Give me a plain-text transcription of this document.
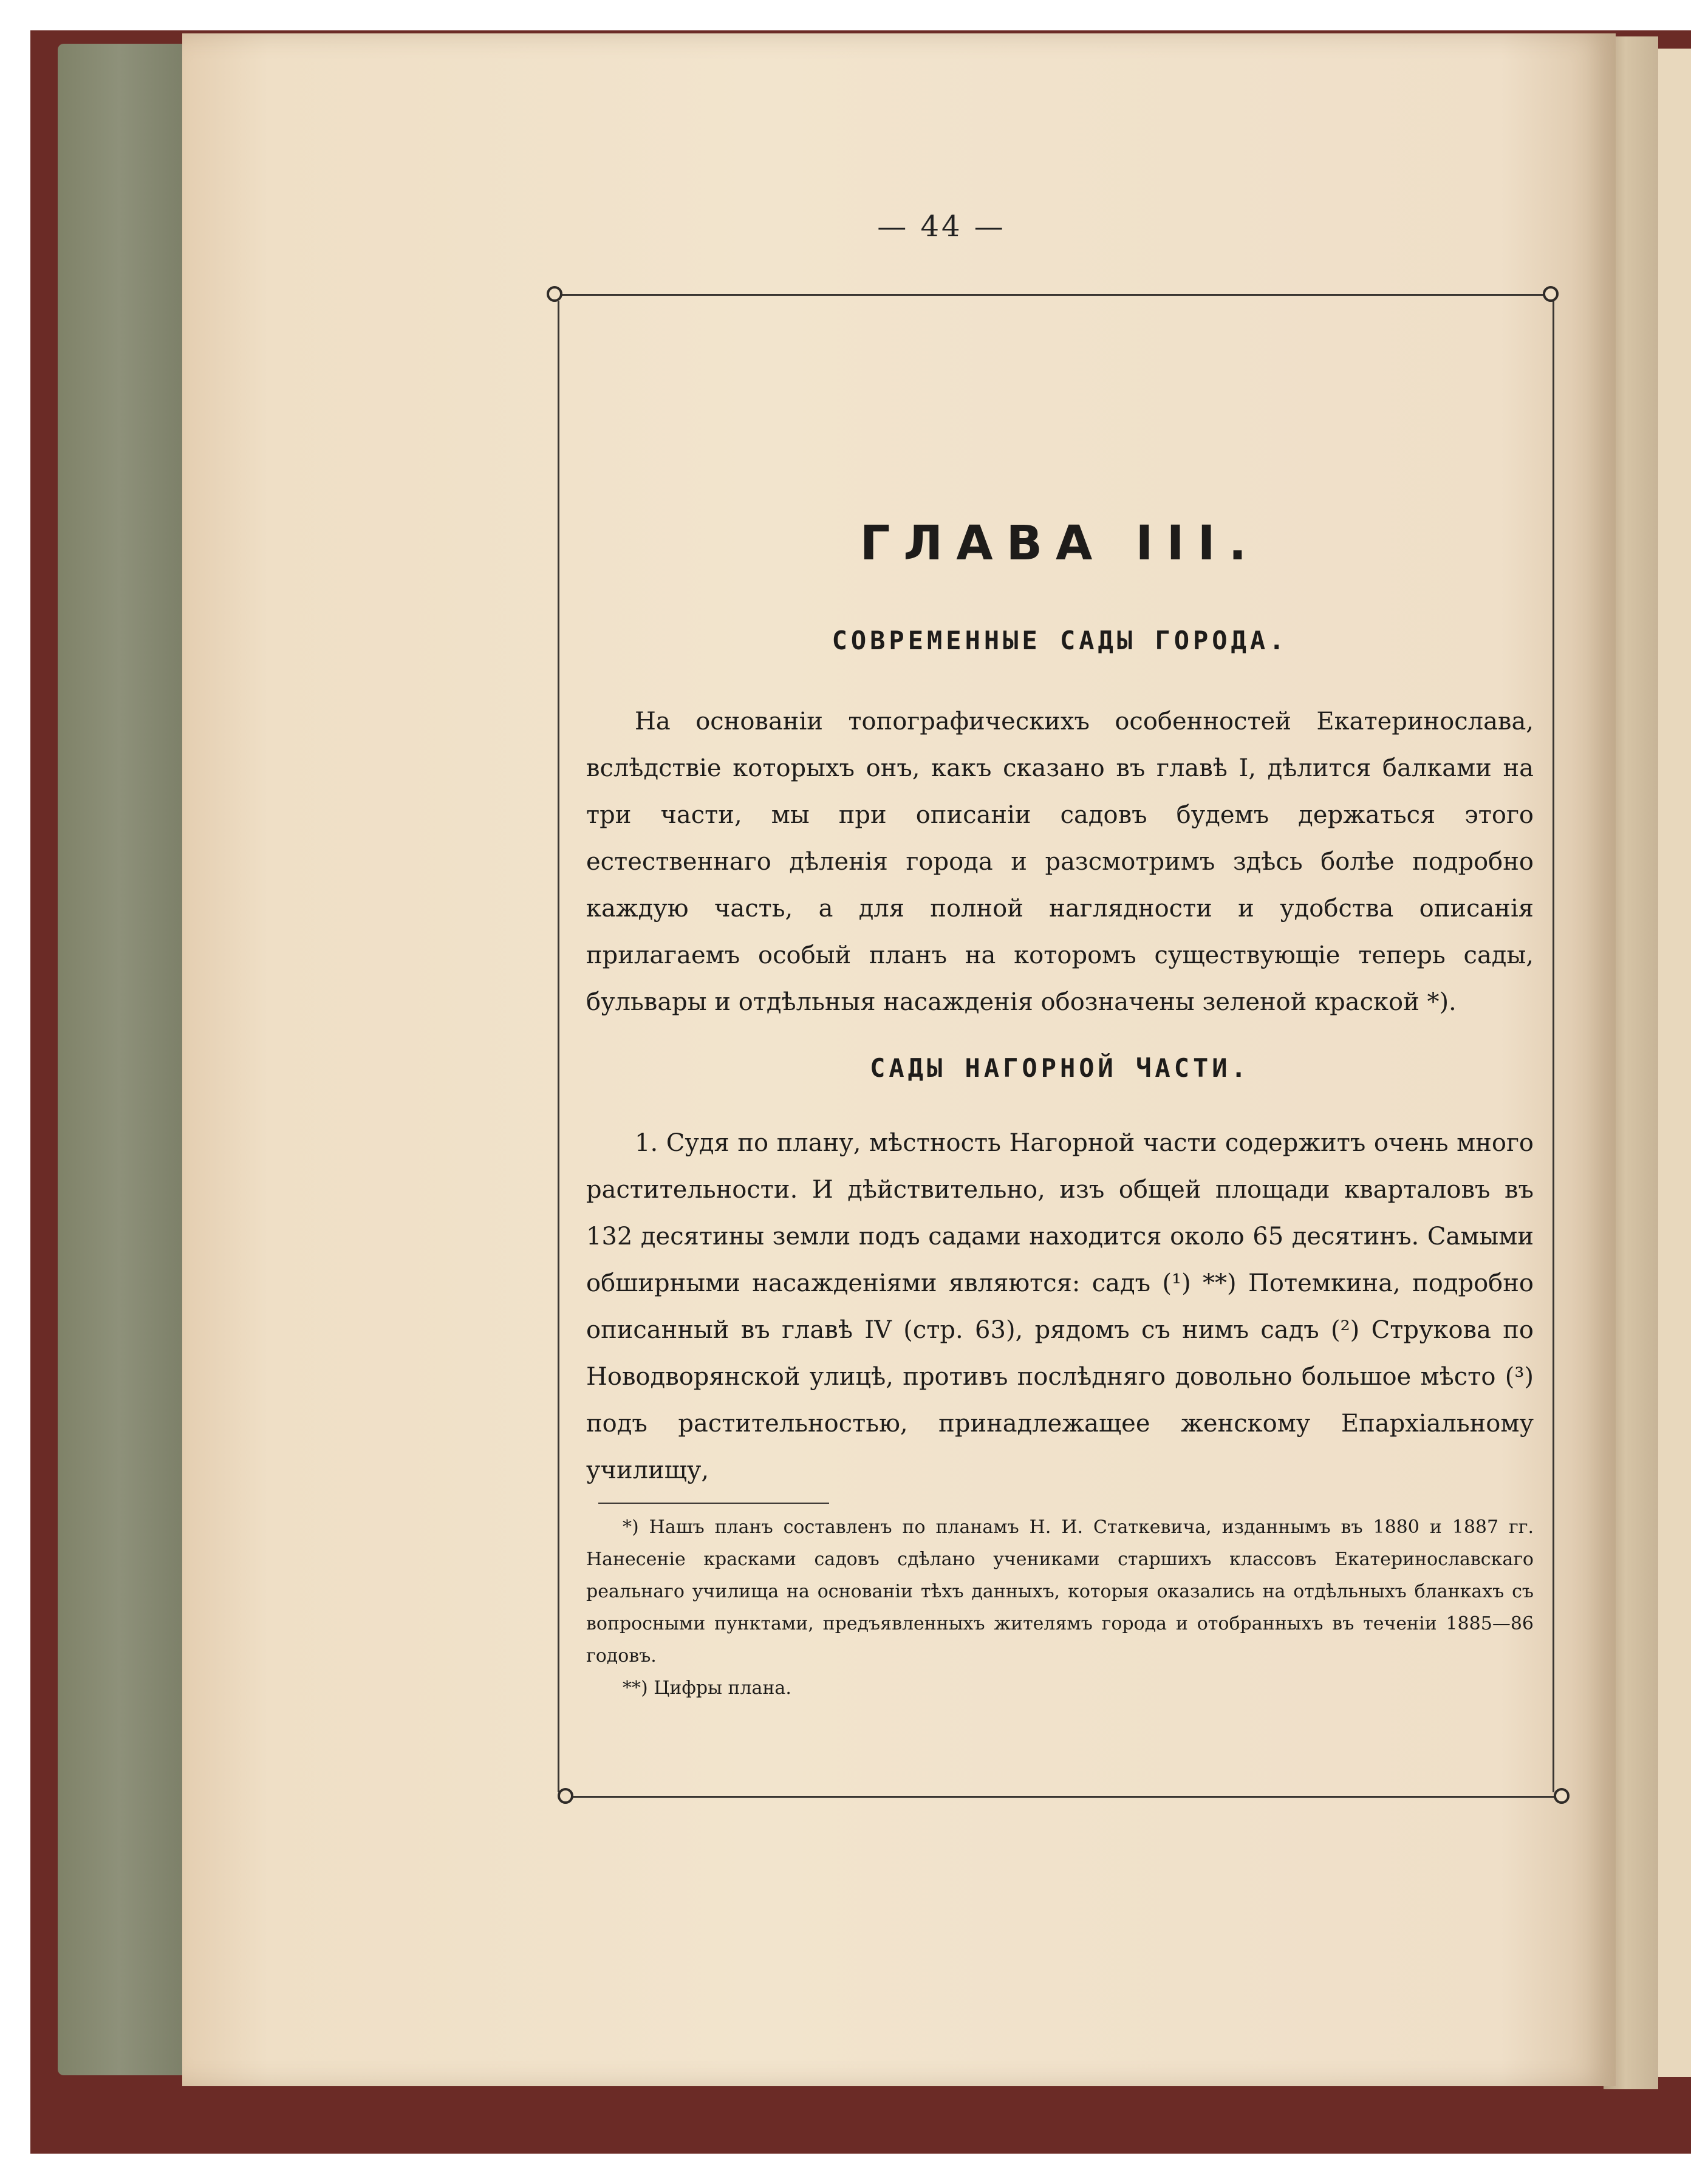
— 44 —
ГЛАВА III.
СОВРЕМЕННЫЕ САДЫ ГОРОДА.
На основанiи топографическихъ особенностей Екатеринослава, вслѣдствiе которыхъ онъ, какъ сказано въ главѣ I, дѣлится балками на три части, мы при описанiи садовъ будемъ держаться этого естественнаго дѣленiя города и разсмотримъ здѣсь болѣе подробно каждую часть, а для полной наглядности и удобства описанiя прилагаемъ особый планъ на которомъ существующiе теперь сады, бульвары и отдѣльныя насажденiя обозначены зеленой краской *).
САДЫ НАГОРНОЙ ЧАСТИ.
1. Судя по плану, мѣстность Нагорной части содержитъ очень много растительности. И дѣйствительно, изъ общей площади кварталовъ въ 132 десятины земли подъ садами находится около 65 десятинъ. Самыми обширными насажденiями являются: садъ (¹) **) Потемкина, подробно описанный въ главѣ IV (стр. 63), рядомъ съ нимъ садъ (²) Струкова по Новодворянской улицѣ, противъ послѣдняго довольно большое мѣсто (³) подъ растительностью, принадлежащее женскому Епархiальному училищу,
*) Нашъ планъ составленъ по планамъ Н. И. Статкевича, изданнымъ въ 1880 и 1887 гг. Нанесенiе красками садовъ сдѣлано учениками старшихъ классовъ Екатеринославскаго реальнаго училища на основанiи тѣхъ данныхъ, которыя оказались на отдѣльныхъ бланкахъ съ вопросными пунктами, предъявленныхъ жителямъ города и отобранныхъ въ теченiи 1885—86 годовъ.
**) Цифры плана.
